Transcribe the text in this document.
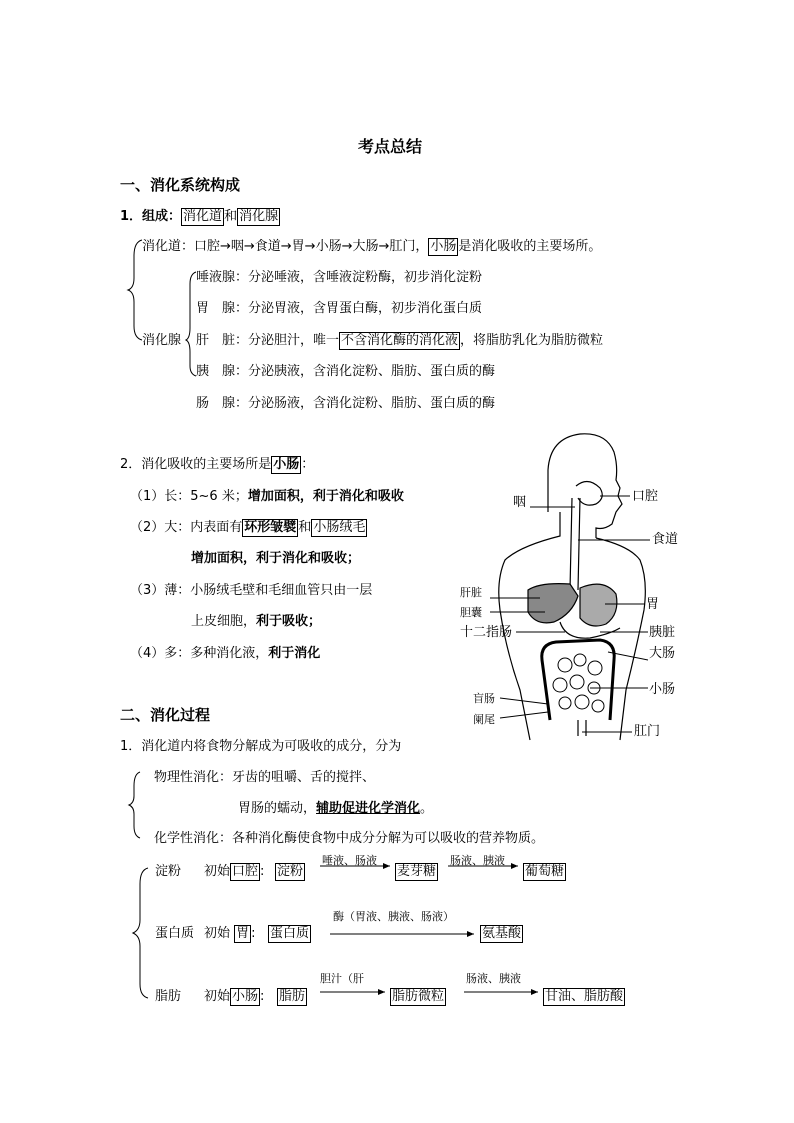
考点总结
一、消化系统构成
1．组成： 消化道 和 消化腺
消化道：口腔→咽→食道→胃→小肠→大肠→肛门， 小肠 是消化吸收的主要场所。
消化腺
唾液腺：分泌唾液，含唾液淀粉酶，初步消化淀粉
胃　腺：分泌胃液，含胃蛋白酶，初步消化蛋白质
肝　脏：分泌胆汁，唯一 不含消化酶的消化液 ，将脂肪乳化为脂肪微粒
胰　腺：分泌胰液，含消化淀粉、脂肪、蛋白质的酶
肠　腺：分泌肠液，含消化淀粉、脂肪、蛋白质的酶
2．消化吸收的主要场所是 小肠 ：
（1）长：5~6 米；增加面积，利于消化和吸收
（2）大：内表面有 环形皱襞 和 小肠绒毛
增加面积，利于消化和吸收；
（3）薄：小肠绒毛壁和毛细血管只由一层
上皮细胞，利于吸收；
（4）多：多种消化液，利于消化
二、消化过程
1．消化道内将食物分解成为可吸收的成分，分为
物理性消化：牙齿的咀嚼、舌的搅拌、
胃肠的蠕动，辅助促进化学消化。
化学性消化：各种消化酶使食物中成分分解为可以吸收的营养物质。
淀粉 初始 口腔 : 淀粉
唾液、肠液
麦芽糖
肠液、胰液
葡萄糖
蛋白质 初始 胃 : 蛋白质
酶（胃液、胰液、肠液）
氨基酸
脂肪 初始 小肠 : 脂肪
胆汁（肝
脂肪微粒
肠液、胰液
甘油、脂肪酸
咽	口腔
食道
肝脏
胆囊
十二指肠
胃
胰脏
大肠
小肠
盲肠
阑尾
肛门
